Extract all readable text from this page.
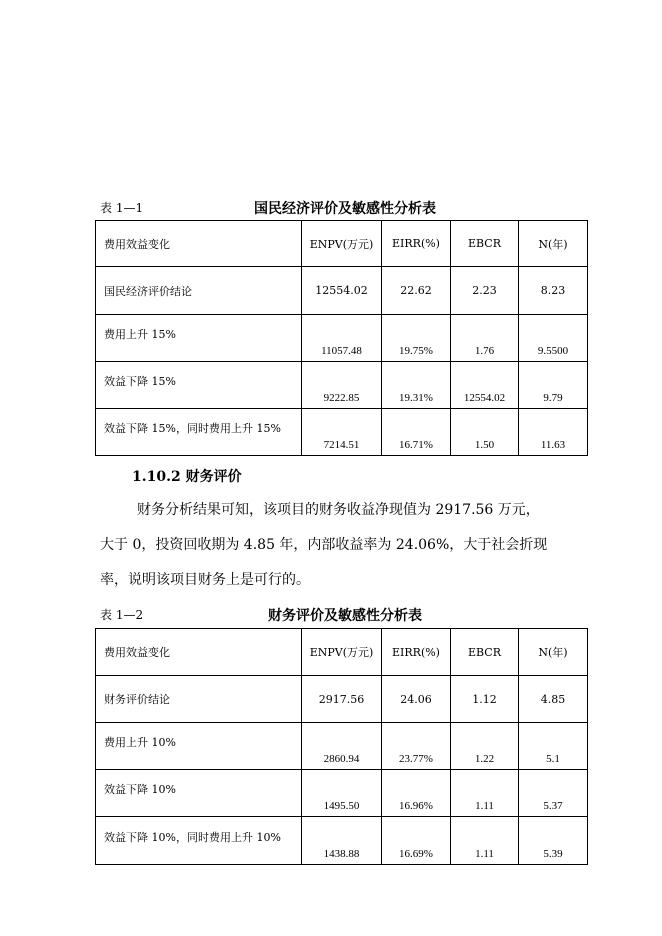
表 1—1	国民经济评价及敏感性分析表
费用效益变化	ENPV(万元)	EIRR(%)	EBCR	N(年)
国民经济评价结论	12554.02	22.62	2.23	8.23
费用上升 15%	11057.48	19.75%	1.76	9.5500
效益下降 15%	9222.85	19.31%	12554.02	9.79
效益下降 15%，同时费用上升 15%	7214.51	16.71%	1.50	11.63
1.10.2 财务评价

财务分析结果可知，该项目的财务收益净现值为 2917.56 万元，

大于 0，投资回收期为 4.85 年，内部收益率为 24.06%，大于社会折现

率，说明该项目财务上是可行的。

表 1—2	财务评价及敏感性分析表
费用效益变化	ENPV(万元)	EIRR(%)	EBCR	N(年)
财务评价结论	2917.56	24.06	1.12	4.85
费用上升 10%	2860.94	23.77%	1.22	5.1
效益下降 10%	1495.50	16.96%	1.11	5.37
效益下降 10%，同时费用上升 10%	1438.88	16.69%	1.11	5.39
